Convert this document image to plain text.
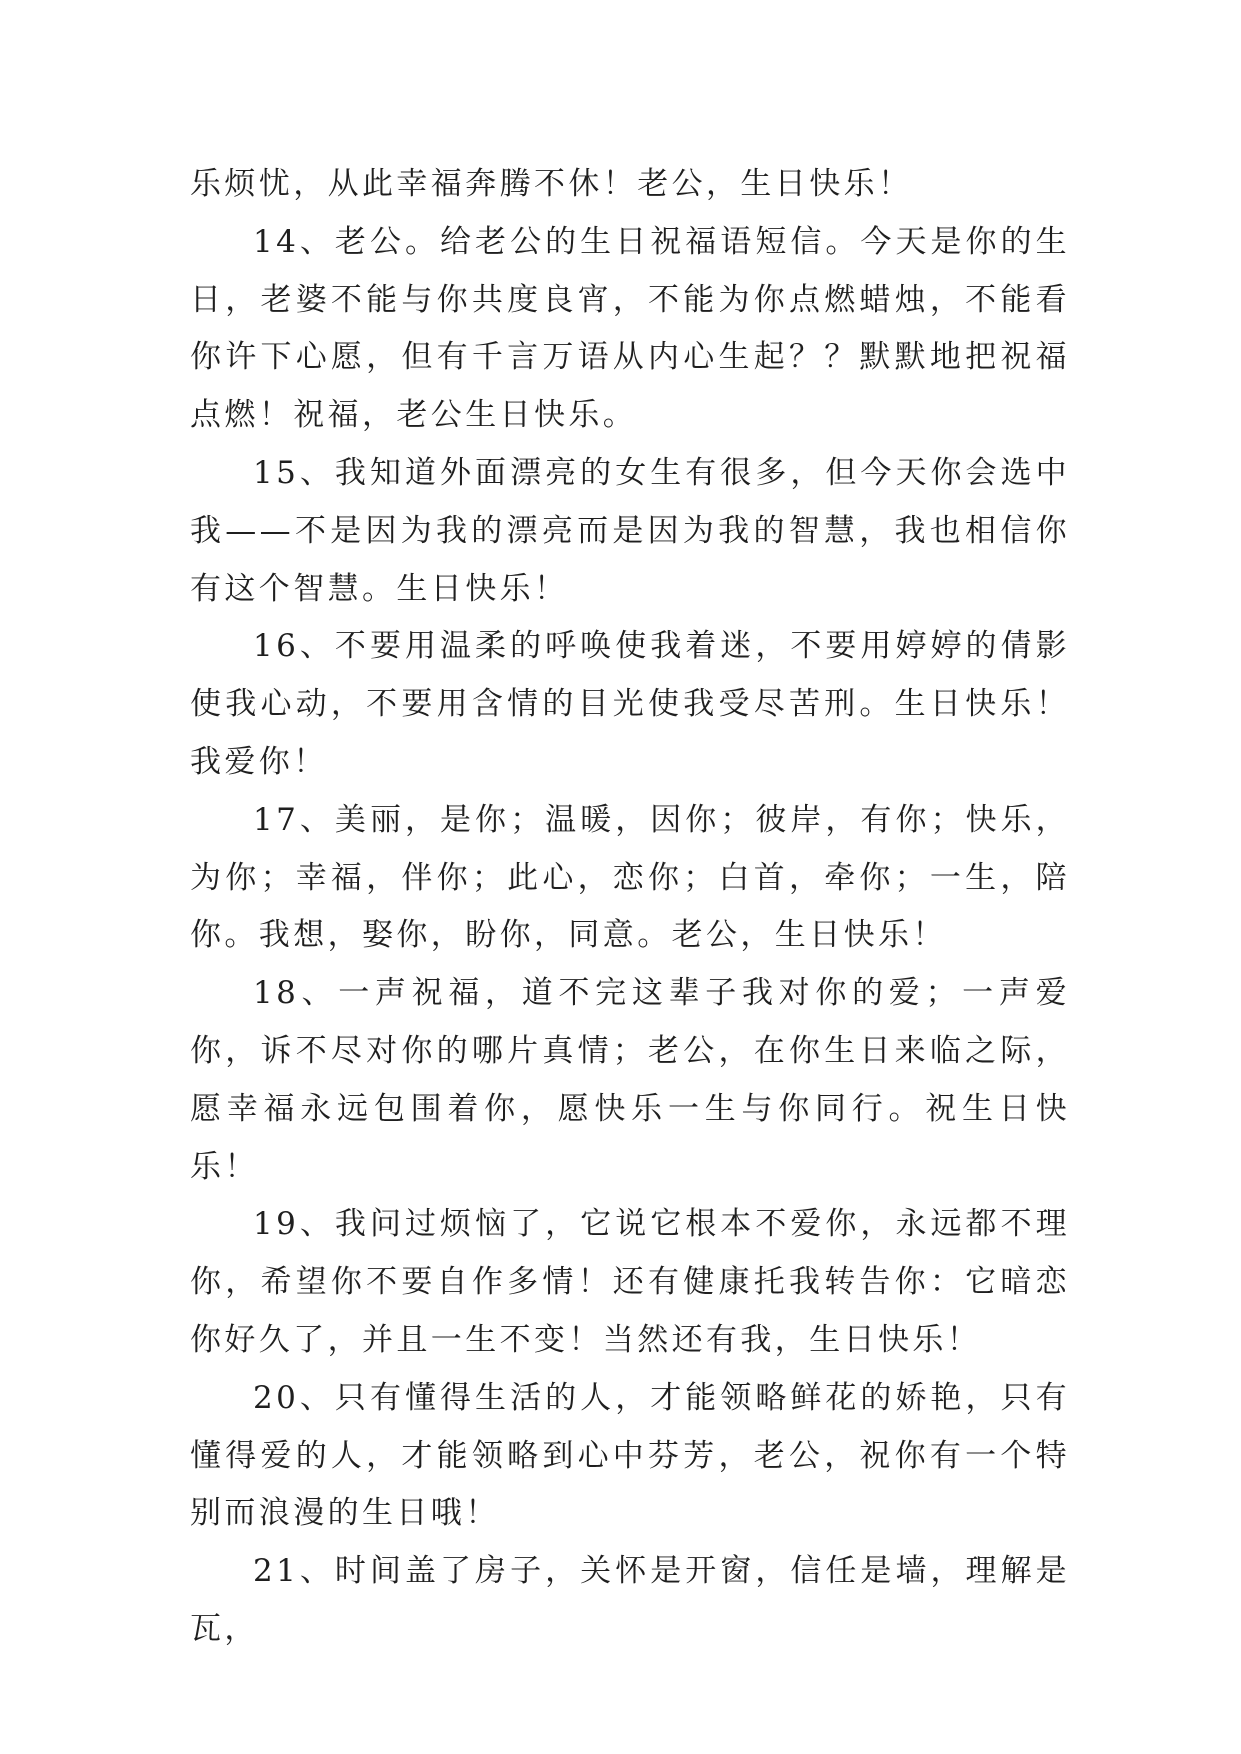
乐烦忧，从此幸福奔腾不休！老公，生日快乐！

14、老公。给老公的生日祝福语短信。今天是你的生日，老婆不能与你共度良宵，不能为你点燃蜡烛，不能看你许下心愿，但有千言万语从内心生起？？默默地把祝福点燃！祝福，老公生日快乐。

15、我知道外面漂亮的女生有很多，但今天你会选中我——不是因为我的漂亮而是因为我的智慧，我也相信你有这个智慧。生日快乐！

16、不要用温柔的呼唤使我着迷，不要用婷婷的倩影使我心动，不要用含情的目光使我受尽苦刑。生日快乐！我爱你！

17、美丽，是你；温暖，因你；彼岸，有你；快乐，为你；幸福，伴你；此心，恋你；白首，牵你；一生，陪你。我想，娶你，盼你，同意。老公，生日快乐！

18、一声祝福，道不完这辈子我对你的爱；一声爱你，诉不尽对你的哪片真情；老公，在你生日来临之际，愿幸福永远包围着你，愿快乐一生与你同行。祝生日快乐！

19、我问过烦恼了，它说它根本不爱你，永远都不理你，希望你不要自作多情！还有健康托我转告你：它暗恋你好久了，并且一生不变！当然还有我，生日快乐！

20、只有懂得生活的人，才能领略鲜花的娇艳，只有懂得爱的人，才能领略到心中芬芳，老公，祝你有一个特别而浪漫的生日哦！

21、时间盖了房子，关怀是开窗，信任是墙，理解是瓦，
